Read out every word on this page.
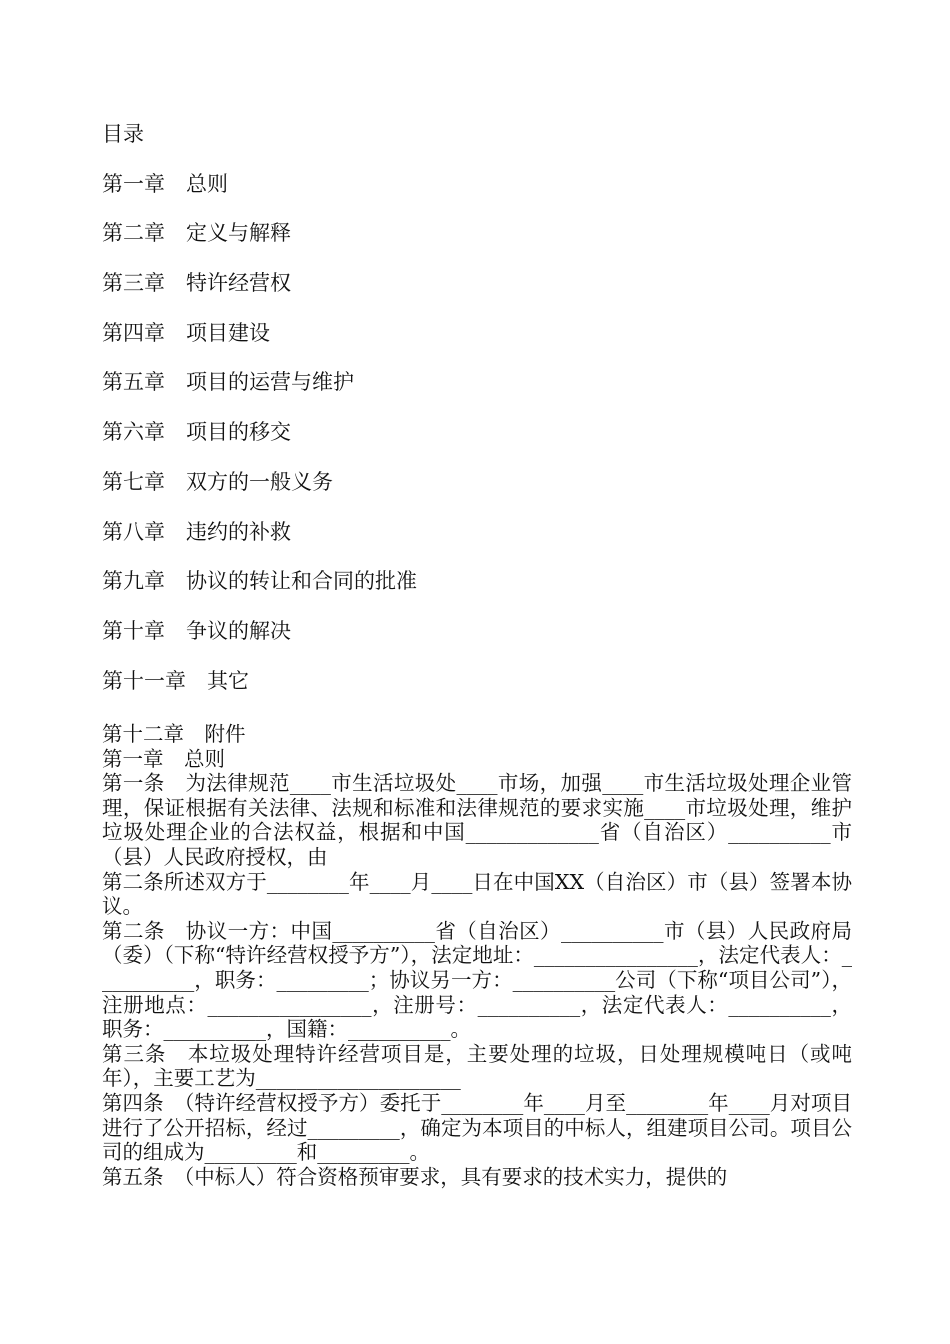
目录
第一章　总则
第二章　定义与解释
第三章　特许经营权
第四章　项目建设
第五章　项目的运营与维护
第六章　项目的移交
第七章　双方的一般义务
第八章　违约的补救
第九章　协议的转让和合同的批准
第十章　争议的解决
第十一章　其它
第十二章　附件
第一章　总则
第一条　为法律规范____市生活垃圾处____市场，加强____市生活垃圾处理企业管理，保证根据有关法律、法规和标准和法律规范的要求实施____市垃圾处理，维护垃圾处理企业的合法权益，根据和中国_____________省（自治区）__________市（县）人民政府授权，由
第二条所述双方于________年____月____日在中国XX（自治区）市（县）签署本协议。
第二条　协议一方：中国__________省（自治区）__________市（县）人民政府局（委）（下称“特许经营权授予方”），法定地址：________________，法定代表人：__________，职务：_________；协议另一方：__________公司（下称“项目公司”），注册地点：________________，注册号：__________，法定代表人：__________，职务：__________，国籍：__________。
第三条　本垃圾处理特许经营项目是，主要处理的垃圾，日处理规模吨日（或吨年），主要工艺为____________________
第四条　（特许经营权授予方）委托于________年____月至________年____月对项目进行了公开招标，经过_________，确定为本项目的中标人，组建项目公司。项目公司的组成为_________和_________。
第五条　（中标人）符合资格预审要求，具有要求的技术实力，提供的
